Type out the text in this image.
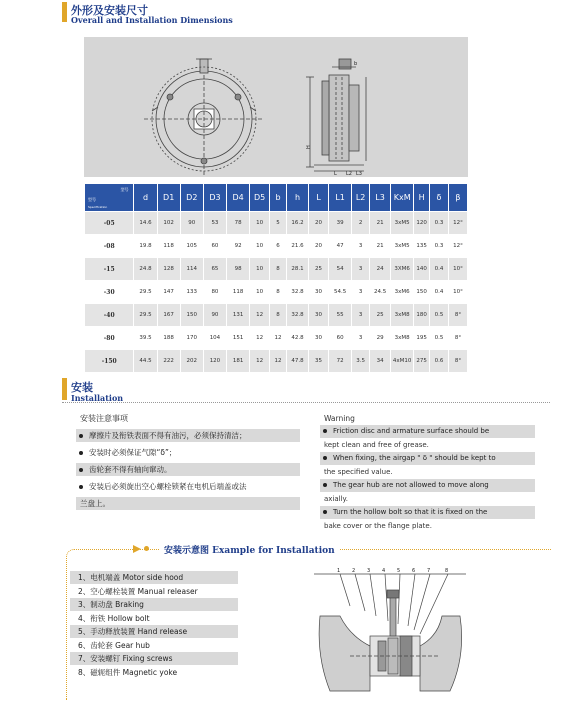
外形及安装尺寸
Overall and Installation Dimensions
H
L L2 L3
b
型号
型号
Specification	d	D1	D2	D3	D4	D5	b	h	L	L1	L2	L3	KxM	H	δ	β
-05	14.6	102	90	53	78	10	5	16.2	20	39	2	21	3xM5	120	0.3	12°
-08	19.8	118	105	60	92	10	6	21.6	20	47	3	21	3xM5	135	0.3	12°
-15	24.8	128	114	65	98	10	8	28.1	25	54	3	24	3XM6	140	0.4	10°
-30	29.5	147	133	80	118	10	8	32.8	30	54.5	3	24.5	3xM6	150	0.4	10°
-40	29.5	167	150	90	131	12	8	32.8	30	55	3	25	3xM8	180	0.5	8°
-80	39.5	188	170	104	151	12	12	42.8	30	60	3	29	3xM8	195	0.5	8°
-150	44.5	222	202	120	181	12	12	47.8	35	72	3.5	34	4xM10	275	0.6	8°
安装
Installation
安装注意事项
摩擦片及衔铁表面不得有油污，必须保持清洁；
安装时必须保证气隙“δ”；
齿轮套不得有轴向窜动。
安装后必须旋出空心螺栓锁紧在电机后端盖或法
兰盘上。
Warning
Friction disc and armature surface should be
kept clean and free of grease.
When fixing, the airgap " δ " should be kept to
the specified value.
The gear hub are not allowed to move along
axially.
Turn the hollow bolt so that it is fixed on the
bake cover or the flange plate.
安装示意图 Example for Installation
1、电机端盖 Motor side hood
2、空心螺栓装置 Manual releaser
3、制动盘 Braking
4、衔铁 Hollow bolt
5、手动释放装置 Hand release
6、齿轮套 Gear hub
7、安装螺钉 Fixing screws
8、磁轭组件 Magnetic yoke
1 2 3 4 5 6 7	8
